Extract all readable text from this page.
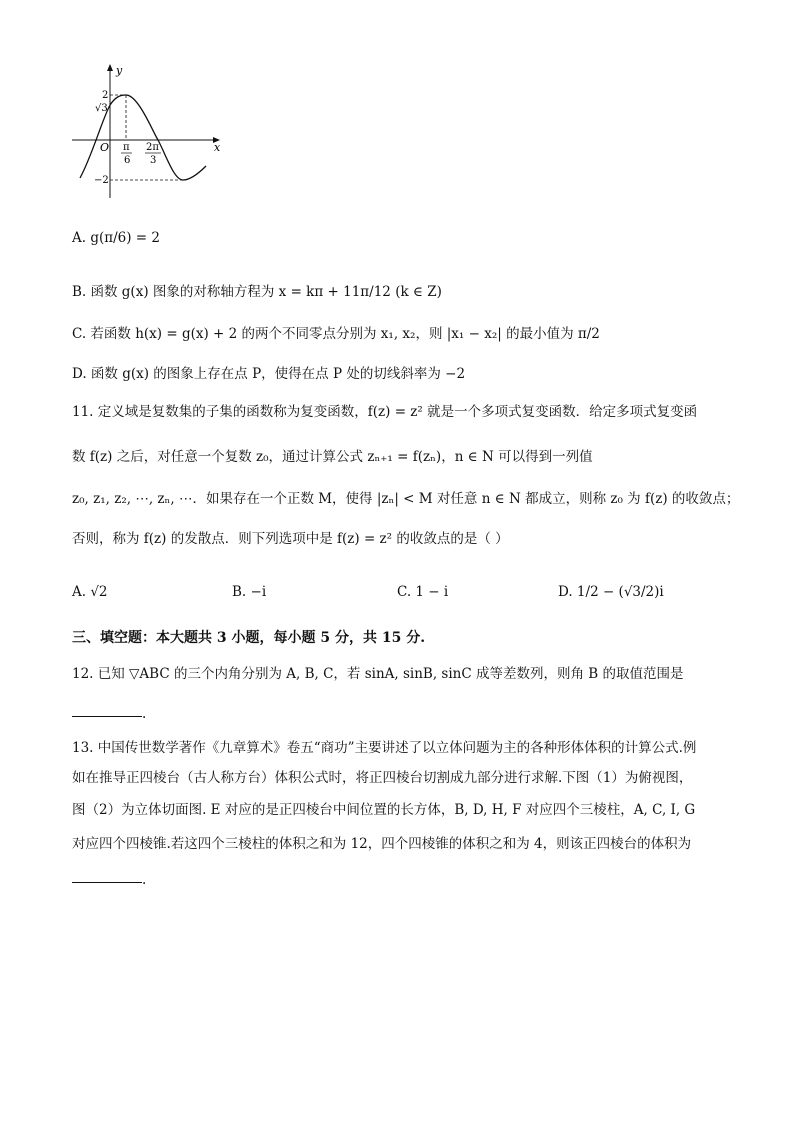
y
x
O
2
√3
−2
π
6
2π
3
A. g(π/6) = 2
B. 函数 g(x) 图象的对称轴方程为 x = kπ + 11π/12 (k ∈ Z)
C. 若函数 h(x) = g(x) + 2 的两个不同零点分别为 x₁, x₂，则 |x₁ − x₂| 的最小值为 π/2
D. 函数 g(x) 的图象上存在点 P，使得在点 P 处的切线斜率为 −2
11. 定义域是复数集的子集的函数称为复变函数，f(z) = z² 就是一个多项式复变函数．给定多项式复变函
数 f(z) 之后，对任意一个复数 z₀，通过计算公式 zₙ₊₁ = f(zₙ)，n ∈ N 可以得到一列值
z₀, z₁, z₂, ⋯, zₙ, ⋯．如果存在一个正数 M，使得 |zₙ| < M 对任意 n ∈ N 都成立，则称 z₀ 为 f(z) 的收敛点；
否则，称为 f(z) 的发散点．则下列选项中是 f(z) = z² 的收敛点的是（ ）
A. √2	B. −i	C. 1 − i	D. 1/2 − (√3/2)i
三、填空题：本大题共 3 小题，每小题 5 分，共 15 分.
12. 已知 ▽ABC 的三个内角分别为 A, B, C，若 sinA, sinB, sinC 成等差数列，则角 B 的取值范围是
.
13. 中国传世数学著作《九章算术》卷五“商功”主要讲述了以立体问题为主的各种形体体积的计算公式.例
如在推导正四棱台（古人称方台）体积公式时，将正四棱台切割成九部分进行求解.下图（1）为俯视图，
图（2）为立体切面图. E 对应的是正四棱台中间位置的长方体，B, D, H, F 对应四个三棱柱，A, C, I, G
对应四个四棱锥.若这四个三棱柱的体积之和为 12，四个四棱锥的体积之和为 4，则该正四棱台的体积为
.
